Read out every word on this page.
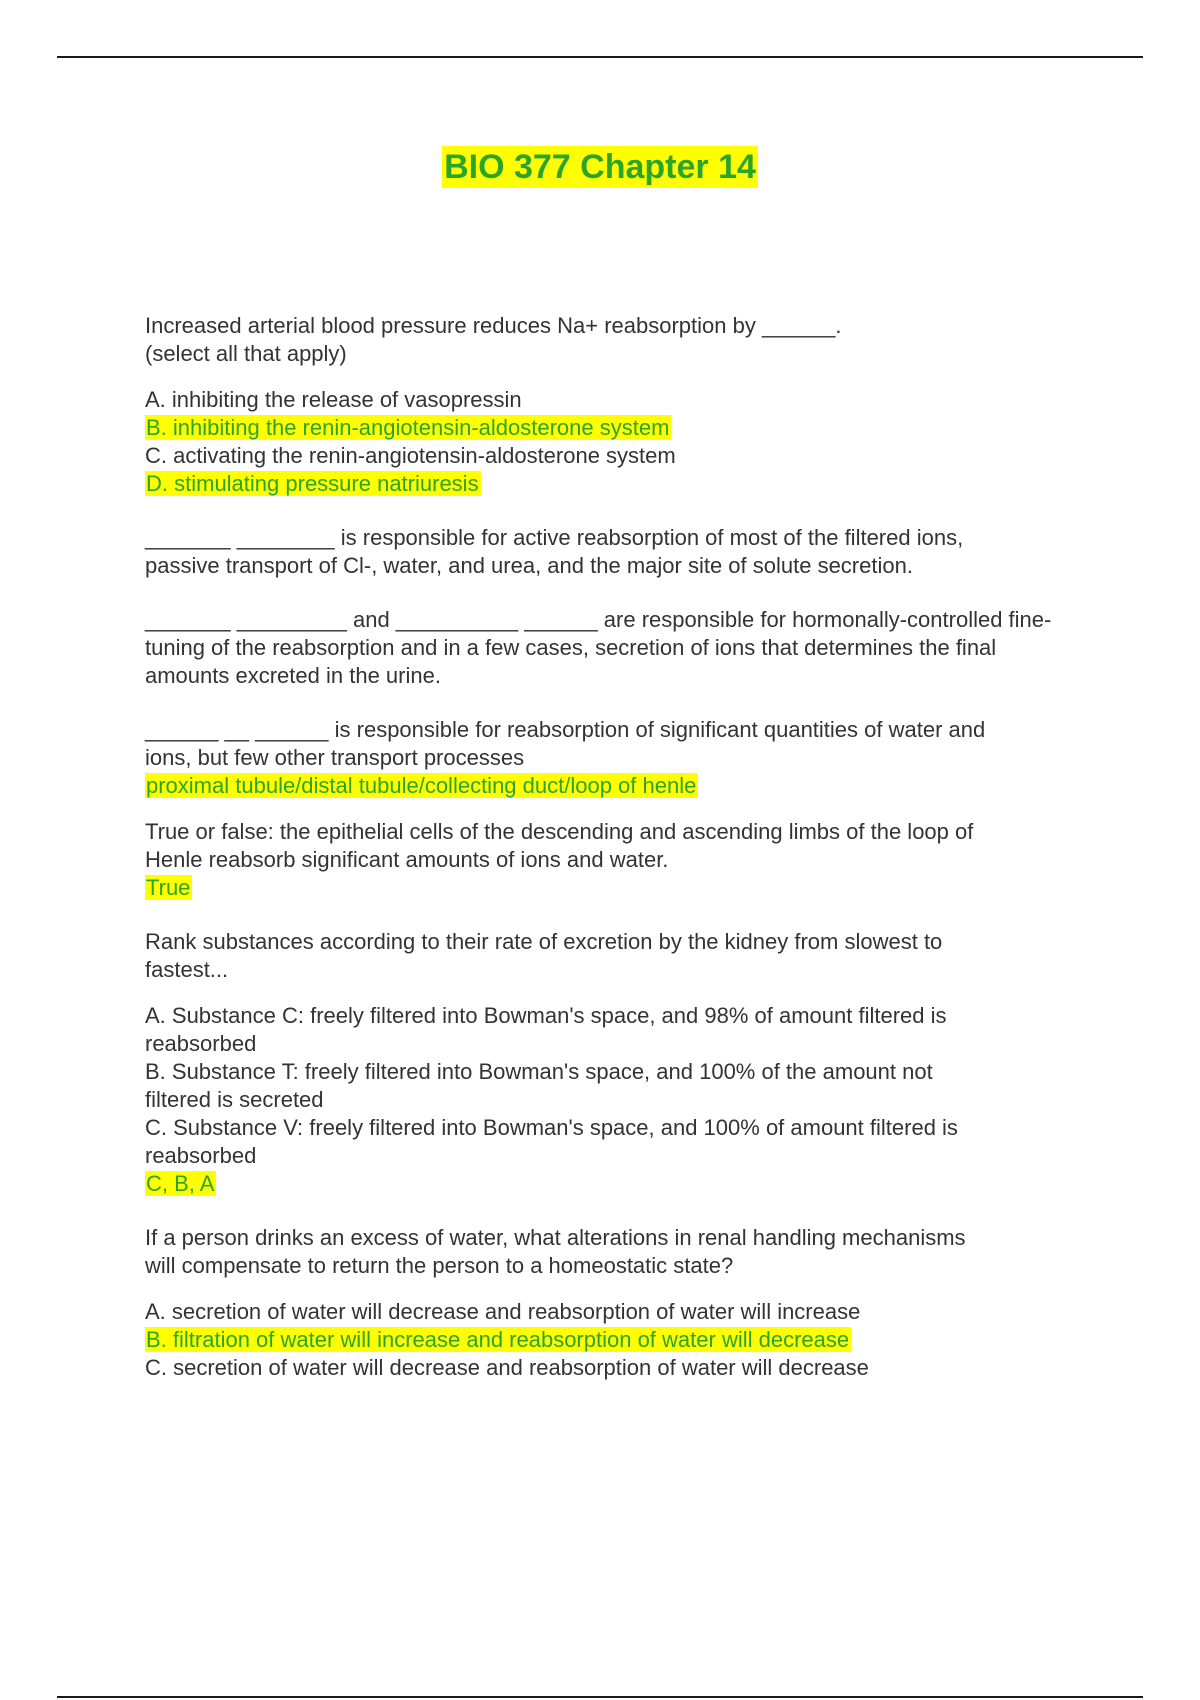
BIO 377 Chapter 14
Increased arterial blood pressure reduces Na+ reabsorption by ______.
(select all that apply)
A. inhibiting the release of vasopressin
B. inhibiting the renin-angiotensin-aldosterone system
C. activating the renin-angiotensin-aldosterone system
D. stimulating pressure natriuresis
_______ ________ is responsible for active reabsorption of most of the filtered ions,
passive transport of Cl-, water, and urea, and the major site of solute secretion.
_______ _________ and __________ ______ are responsible for hormonally-controlled fine-
tuning of the reabsorption and in a few cases, secretion of ions that determines the final
amounts excreted in the urine.
______ __ ______ is responsible for reabsorption of significant quantities of water and
ions, but few other transport processes
proximal tubule/distal tubule/collecting duct/loop of henle
True or false: the epithelial cells of the descending and ascending limbs of the loop of
Henle reabsorb significant amounts of ions and water.
True
Rank substances according to their rate of excretion by the kidney from slowest to
fastest...
A. Substance C: freely filtered into Bowman's space, and 98% of amount filtered is
reabsorbed
B. Substance T: freely filtered into Bowman's space, and 100% of the amount not
filtered is secreted
C. Substance V: freely filtered into Bowman's space, and 100% of amount filtered is
reabsorbed
C, B, A
If a person drinks an excess of water, what alterations in renal handling mechanisms
will compensate to return the person to a homeostatic state?
A. secretion of water will decrease and reabsorption of water will increase
B. filtration of water will increase and reabsorption of water will decrease
C. secretion of water will decrease and reabsorption of water will decrease
